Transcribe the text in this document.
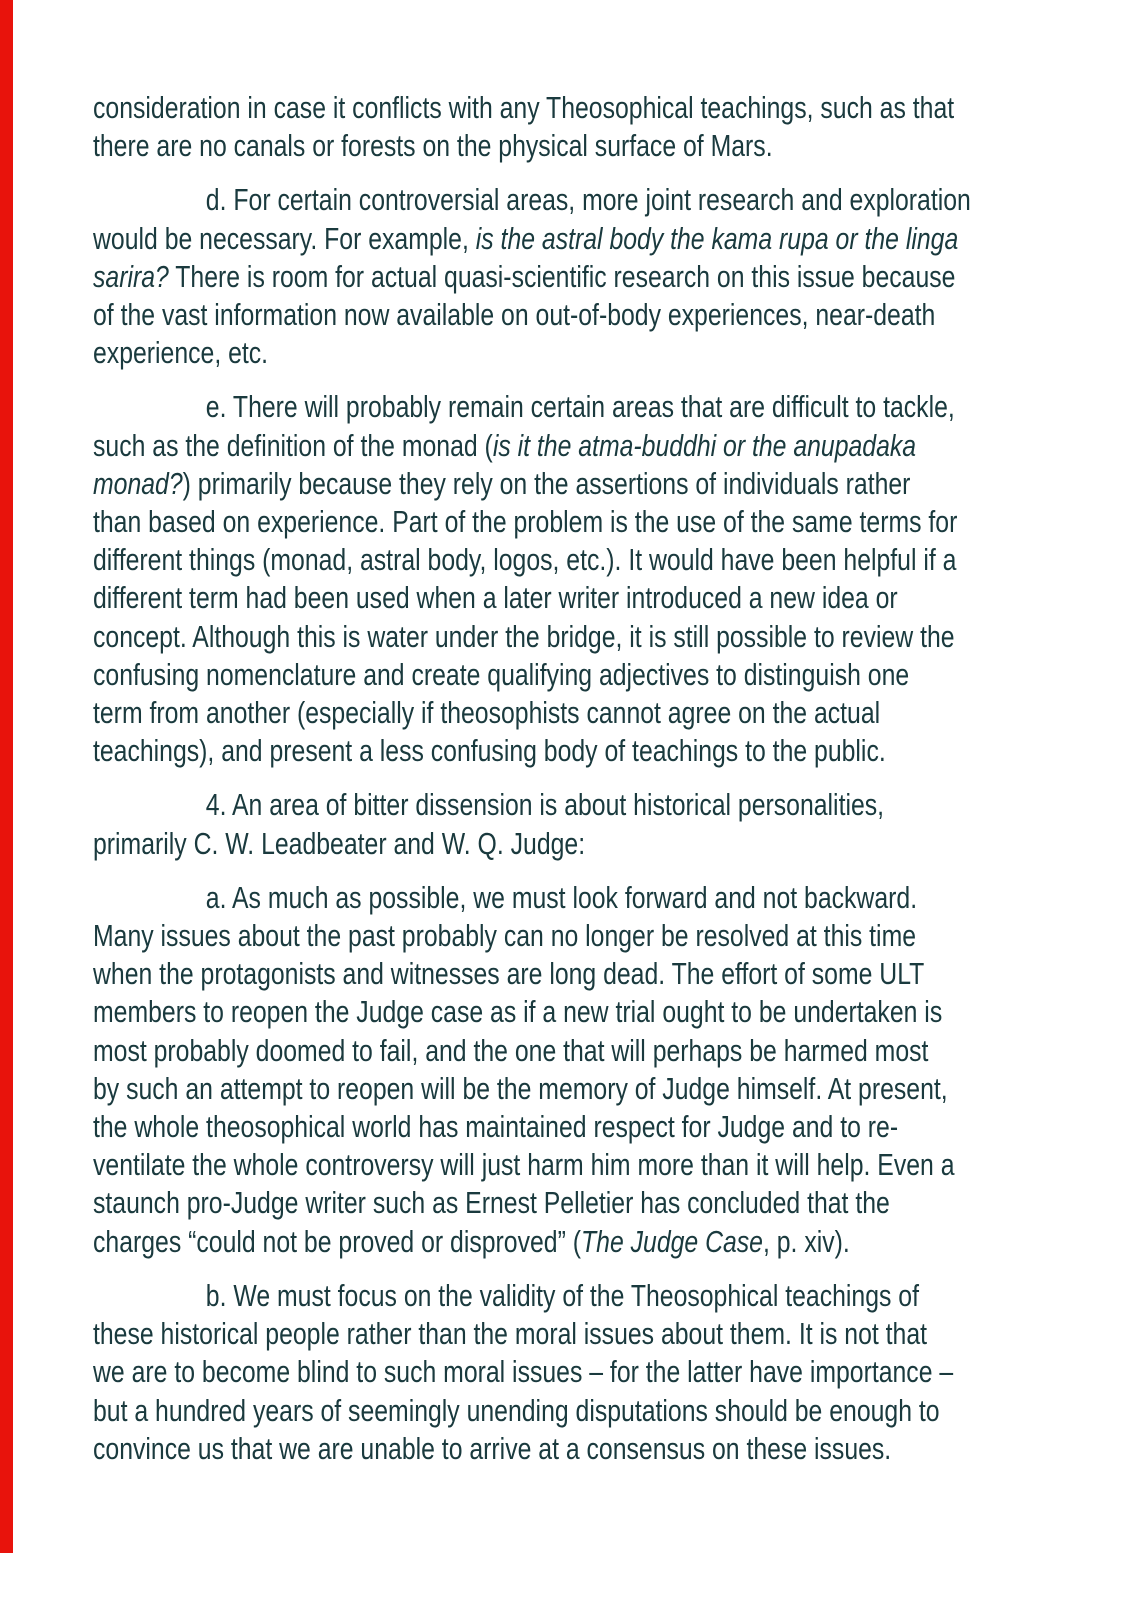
consideration in case it conflicts with any Theosophical teachings, such as that
there are no canals or forests on the physical surface of Mars.
d. For certain controversial areas, more joint research and exploration
would be necessary. For example, is the astral body the kama rupa or the linga
sarira? There is room for actual quasi-scientific research on this issue because
of the vast information now available on out-of-body experiences, near-death
experience, etc.
e. There will probably remain certain areas that are difficult to tackle,
such as the definition of the monad (is it the atma-buddhi or the anupadaka
monad?) primarily because they rely on the assertions of individuals rather
than based on experience. Part of the problem is the use of the same terms for
different things (monad, astral body, logos, etc.). It would have been helpful if a
different term had been used when a later writer introduced a new idea or
concept. Although this is water under the bridge, it is still possible to review the
confusing nomenclature and create qualifying adjectives to distinguish one
term from another (especially if theosophists cannot agree on the actual
teachings), and present a less confusing body of teachings to the public.
4. An area of bitter dissension is about historical personalities,
primarily C. W. Leadbeater and W. Q. Judge:
a. As much as possible, we must look forward and not backward.
Many issues about the past probably can no longer be resolved at this time
when the protagonists and witnesses are long dead. The effort of some ULT
members to reopen the Judge case as if a new trial ought to be undertaken is
most probably doomed to fail, and the one that will perhaps be harmed most
by such an attempt to reopen will be the memory of Judge himself. At present,
the whole theosophical world has maintained respect for Judge and to re-
ventilate the whole controversy will just harm him more than it will help. Even a
staunch pro-Judge writer such as Ernest Pelletier has concluded that the
charges “could not be proved or disproved” (The Judge Case, p. xiv).
b. We must focus on the validity of the Theosophical teachings of
these historical people rather than the moral issues about them. It is not that
we are to become blind to such moral issues – for the latter have importance –
but a hundred years of seemingly unending disputations should be enough to
convince us that we are unable to arrive at a consensus on these issues.
